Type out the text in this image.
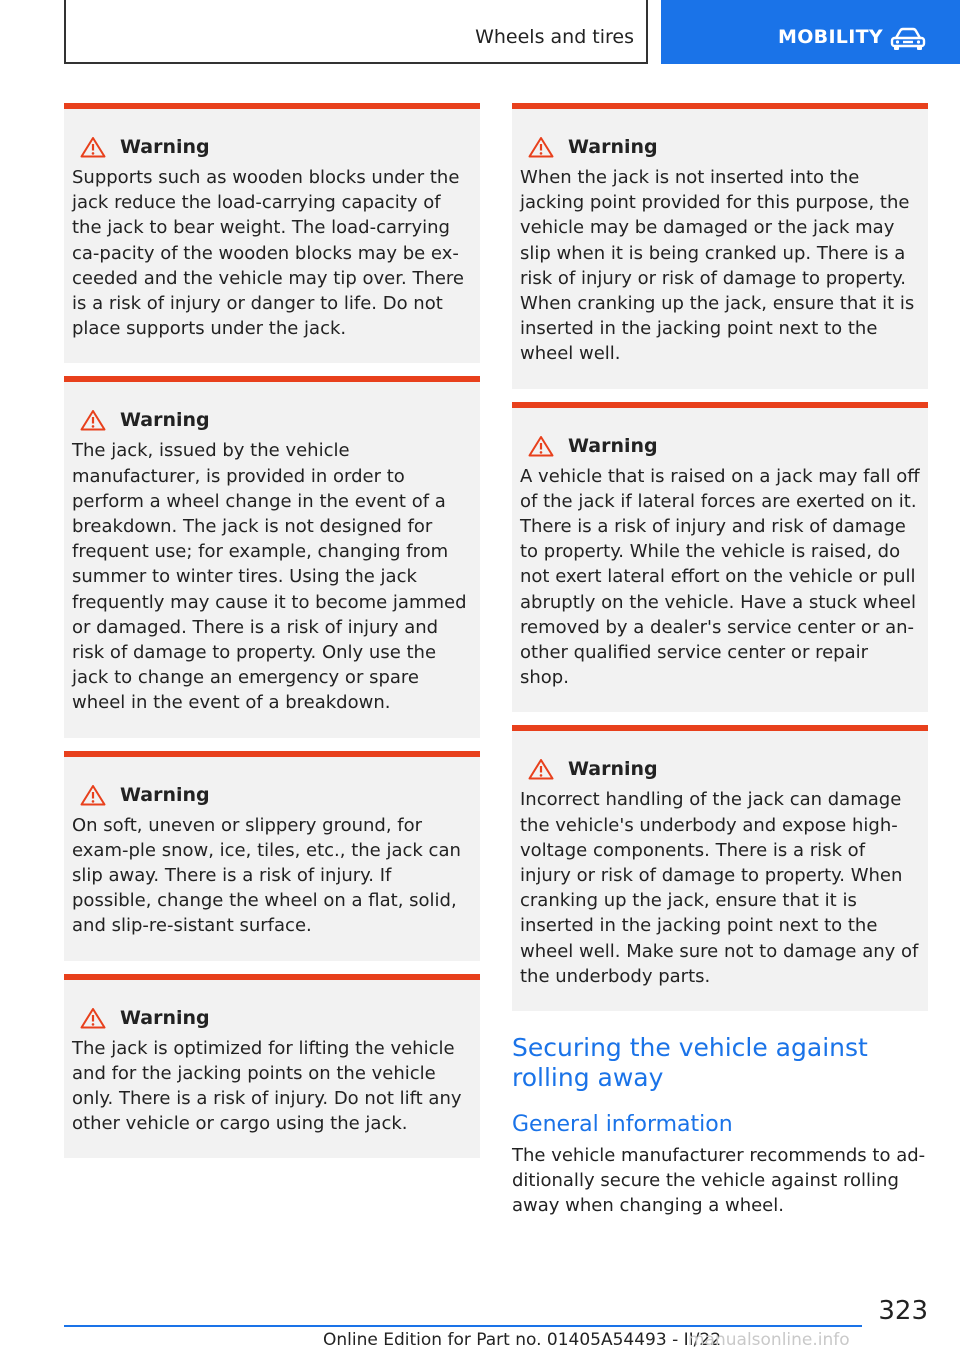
Wheels and tires	MOBILITY
Warning
Supports such as wooden blocks under the jack reduce the load-carrying capacity of the jack to bear weight. The load-carrying ca-pacity of the wooden blocks may be ex-ceeded and the vehicle may tip over. There is a risk of injury or danger to life. Do not place supports under the jack.
Warning
The jack, issued by the vehicle manufacturer, is provided in order to perform a wheel change in the event of a breakdown. The jack is not designed for frequent use; for example, changing from summer to winter tires. Using the jack frequently may cause it to become jammed or damaged. There is a risk of injury and risk of damage to property. Only use the jack to change an emergency or spare wheel in the event of a breakdown.
Warning
On soft, uneven or slippery ground, for exam-ple snow, ice, tiles, etc., the jack can slip away. There is a risk of injury. If possible, change the wheel on a flat, solid, and slip-re-sistant surface.
Warning
The jack is optimized for lifting the vehicle and for the jacking points on the vehicle only. There is a risk of injury. Do not lift any other vehicle or cargo using the jack.
Warning
When the jack is not inserted into the jacking point provided for this purpose, the vehicle may be damaged or the jack may slip when it is being cranked up. There is a risk of injury or risk of damage to property. When cranking up the jack, ensure that it is inserted in the jacking point next to the wheel well.
Warning
A vehicle that is raised on a jack may fall off of the jack if lateral forces are exerted on it. There is a risk of injury and risk of damage to property. While the vehicle is raised, do not exert lateral effort on the vehicle or pull abruptly on the vehicle. Have a stuck wheel removed by a dealer's service center or an-other qualified service center or repair shop.
Warning
Incorrect handling of the jack can damage the vehicle's underbody and expose high-voltage components. There is a risk of injury or risk of damage to property. When cranking up the jack, ensure that it is inserted in the jacking point next to the wheel well. Make sure not to damage any of the underbody parts.
Securing the vehicle against rolling away
General information
The vehicle manufacturer recommends to ad-ditionally secure the vehicle against rolling away when changing a wheel.
323
Online Edition for Part no. 01405A54493 - II/22
manualsonline.info
